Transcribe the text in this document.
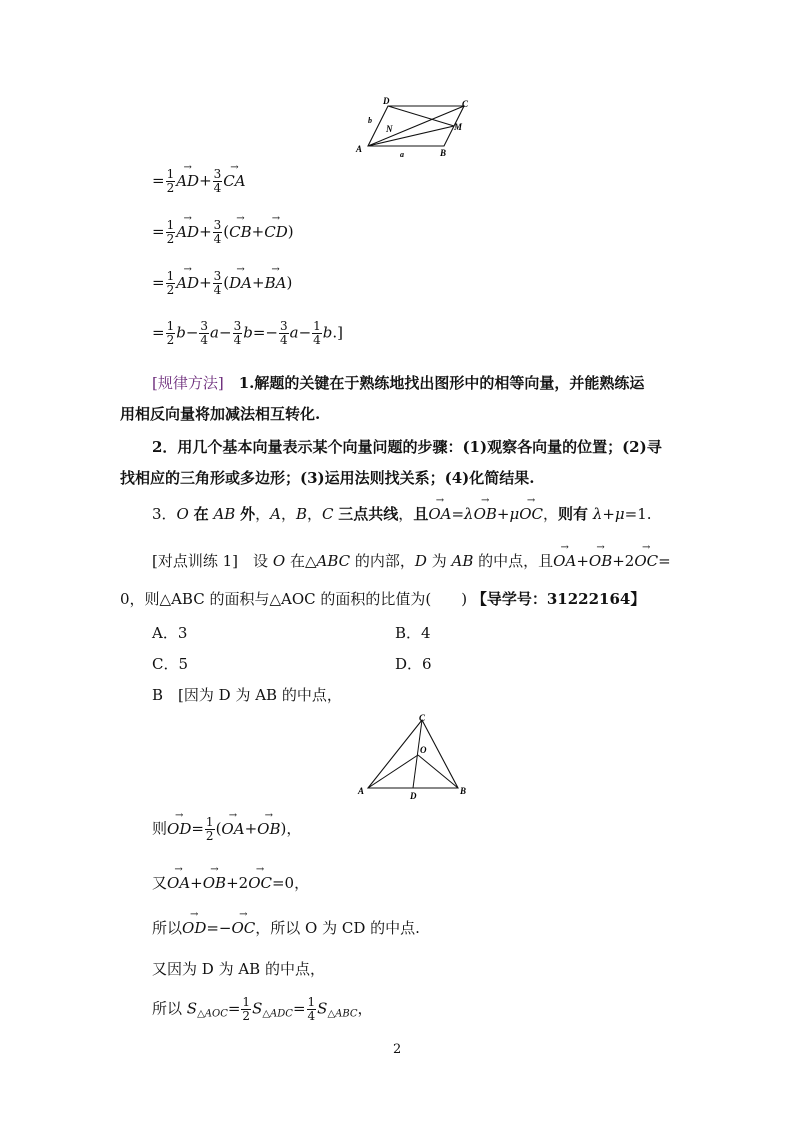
D	C
A	B
M
N
a
b
= $\frac{1}{2}$
→ $AD+ \frac{3}{4}$
→ CA
= $\frac{1}{2}$
→ $AD+ \frac{3}{4}$ (→ CB+→ CD)
= $\frac{1}{2}$
→ $AD+ \frac{3}{4}$ (→ DA+→ BA)
= $\frac{1}{2} b- \frac{3}{4} a- \frac{3}{4} b=- \frac{3}{4} a- \frac{1}{4} b$.]
[规律方法]　 1.解题的关键在于熟练地找出图形中的相等向量，并能熟练运
用相反向量将加减法相互转化.
2．用几个基本向量表示某个向量问题的步骤：(1)观察各向量的位置；(2)寻
找相应的三角形或多边形；(3)运用法则找关系；(4)化简结果.
3．O 在 AB 外，A，B，C 三点共线，且→ OA=λ→ OB+μ→ OC，则有 λ+μ=1.
[对点训练 1]　 设 O 在△ABC 的内部，D 为 AB 的中点，且→ OA+→ OB+2→ OC=
0，则△ABC 的面积与△AOC 的面积的比值为(　　) 【导学号：31222164】
A．3	B．4
C．5	D．6
B　[因为 D 为 AB 的中点，
C
O
A	B
D
则→ $OD= \frac{1}{2}$ (→ OA+→ OB)，
又→ OA+→ OB+2→ OC=0，
所以→ OD=−→ OC，所以 O 为 CD 的中点.
又因为 D 为 AB 的中点，
所以 $S_{\triangle AOC}= \frac{1}{2} S_{\triangle ADC}= \frac{1}{4} S_{\triangle ABC}$，
2
